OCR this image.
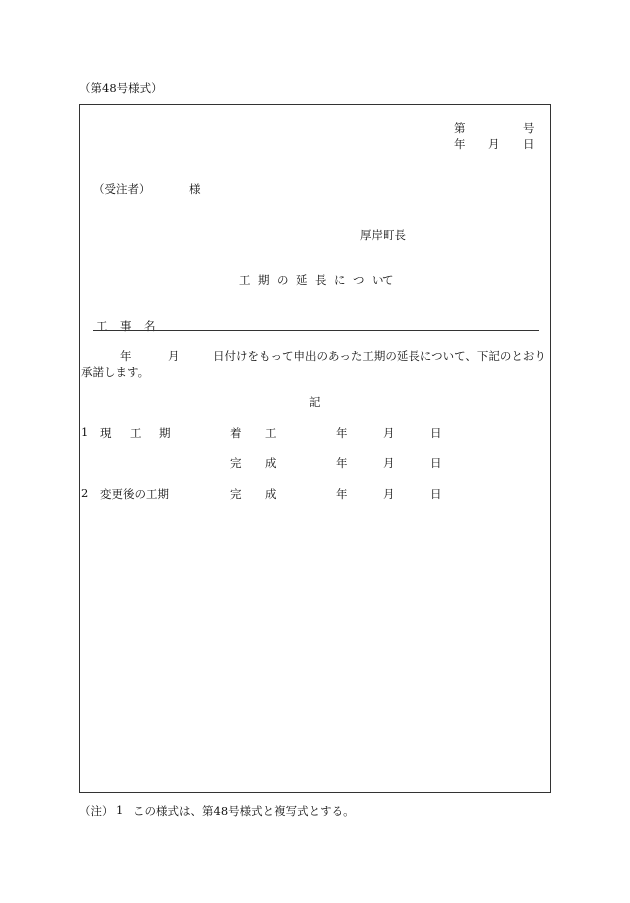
（第48号様式）
第	号
年 月 日
（受注者）	様
厚岸町長
工 期 の 延 長 に つ い
て
工 事 名
年	月	日付けをもって申出のあった工期の延長について、下記のとおり
承諾します。
記
1 現 工 期	着 工	年	月	日
完 成	年	月	日
2 変更後の工期	完 成	年	月	日
（注） 1 この様式は、第48号様式と複写式とする。
